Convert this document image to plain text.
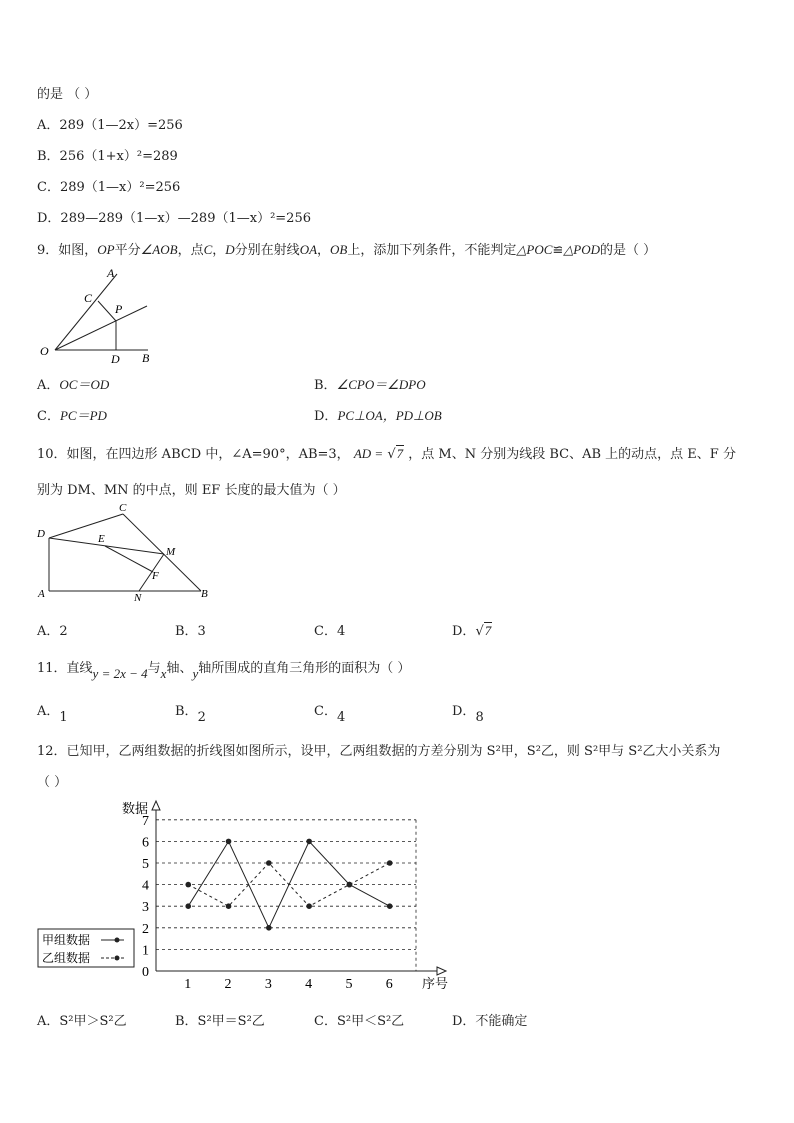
的是 （ ）
A．289（1—2x）=256
B．256（1+x）²=289
C．289（1—x）²=256
D．289—289（1—x）—289（1—x）²=256
9．如图，OP平分∠AOB，点C，D分别在射线OA，OB上，添加下列条件，不能判定△POC≌△POD的是（ ）
A
C
P
O
D B
A．OC＝OD	B．∠CPO＝∠DPO
C．PC＝PD	D．PC⊥OA，PD⊥OB
10．如图，在四边形 ABCD 中，∠A=90°，AB=3， AD = √7 ，点 M、N 分别为线段 BC、AB 上的动点，点 E、F 分
别为 DM、MN 的中点，则 EF 长度的最大值为（ ）
D
C
E
M
F
A	N	B
A．2	B．3	C．4	D．√7
11．直线y = 2x − 4与x轴、y轴所围成的直角三角形的面积为（ ）
A．1	B．2	C．4	D．8
12．已知甲，乙两组数据的折线图如图所示，设甲，乙两组数据的方差分别为 S²甲，S²乙，则 S²甲与 S²乙大小关系为
（ ）
0
1
2
3
4
5
6
7
1 2 3 4 5 6
数据
序号
甲组数据
乙组数据
A．S²甲＞S²乙	B．S²甲＝S²乙	C．S²甲＜S²乙	D．不能确定
